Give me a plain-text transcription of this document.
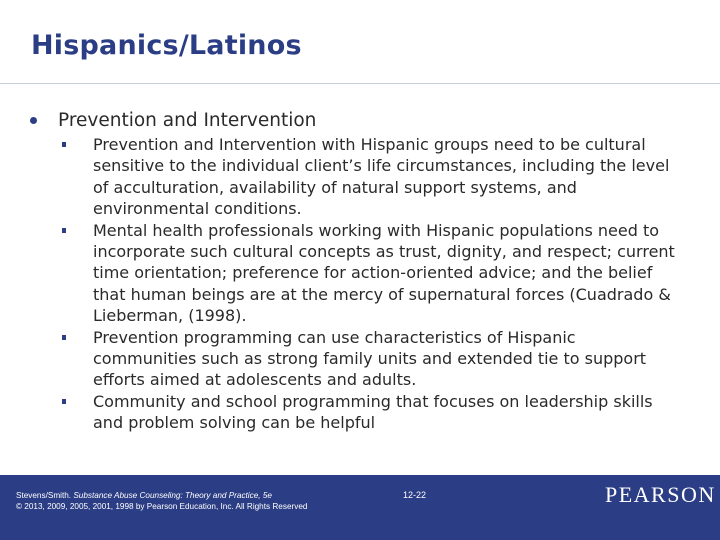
Hispanics/Latinos
Prevention and Intervention
Prevention and Intervention with Hispanic groups need to be cultural sensitive to the individual client’s life circumstances, including the level of acculturation, availability of natural support systems, and environmental conditions.
Mental health professionals working with Hispanic populations need to incorporate such cultural concepts as trust, dignity, and respect; current time orientation; preference for action-oriented advice; and the belief that human beings are at the mercy of supernatural forces (Cuadrado & Lieberman, (1998).
Prevention programming can use characteristics of Hispanic communities such as strong family units and extended tie to support efforts aimed at adolescents and adults.
Community and school programming that focuses on leadership skills and problem solving can be helpful
Stevens/Smith. Substance Abuse Counseling: Theory and Practice, 5e
© 2013, 2009, 2005, 2001, 1998 by Pearson Education, Inc. All Rights Reserved
12-22	PEARSON
